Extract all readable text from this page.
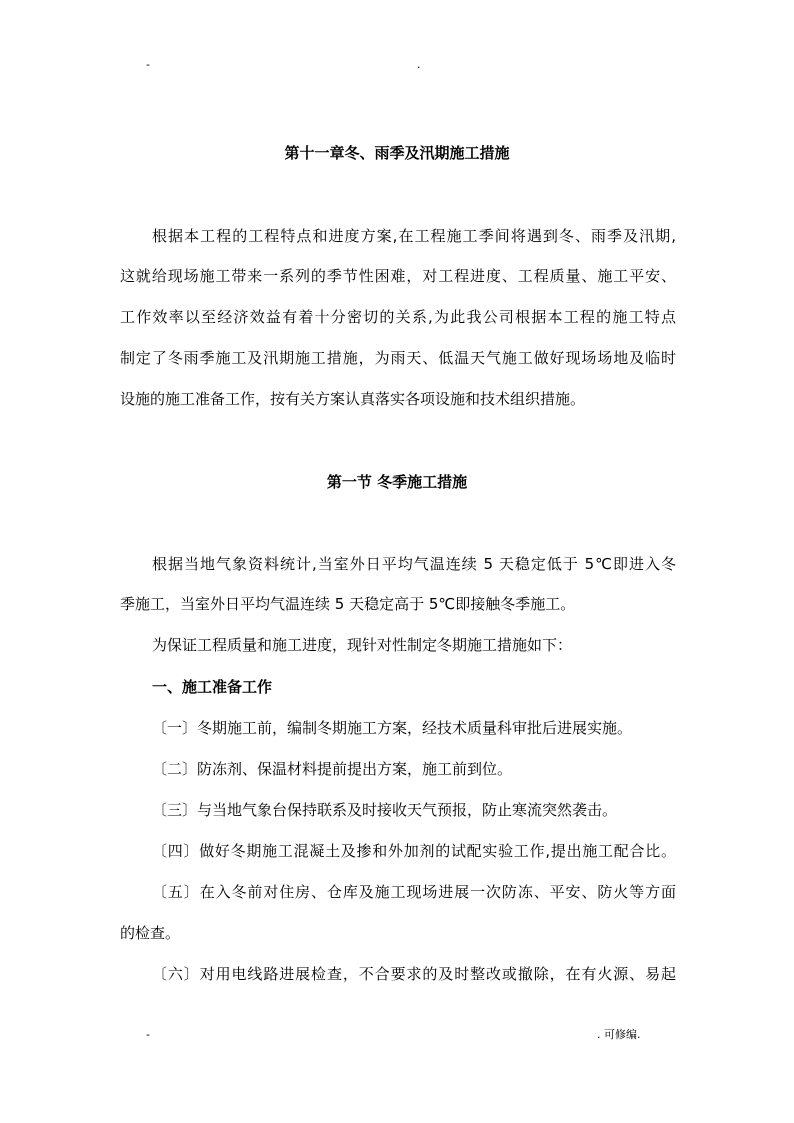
-	.
第十一章冬、雨季及汛期施工措施
根据本工程的工程特点和进度方案,在工程施工季间将遇到冬、雨季及汛期,
这就给现场施工带来一系列的季节性困难，对工程进度、工程质量、施工平安、
工作效率以至经济效益有着十分密切的关系,为此我公司根据本工程的施工特点
制定了冬雨季施工及汛期施工措施，为雨天、低温天气施工做好现场场地及临时
设施的施工准备工作，按有关方案认真落实各项设施和技术组织措施。
第一节 冬季施工措施
根据当地气象资料统计,当室外日平均气温连续 5 天稳定低于 5℃即进入冬
季施工，当室外日平均气温连续 5 天稳定高于 5℃即接触冬季施工。
为保证工程质量和施工进度，现针对性制定冬期施工措施如下：
一、施工准备工作
〔一〕冬期施工前，编制冬期施工方案，经技术质量科审批后进展实施。
〔二〕防冻剂、保温材料提前提出方案，施工前到位。
〔三〕与当地气象台保持联系及时接收天气预报，防止寒流突然袭击。
〔四〕做好冬期施工混凝土及掺和外加剂的试配实验工作,提出施工配合比。
〔五〕在入冬前对住房、仓库及施工现场进展一次防冻、平安、防火等方面
的检查。
〔六〕对用电线路进展检查，不合要求的及时整改或撤除，在有火源、易起
-	. 可修编.
